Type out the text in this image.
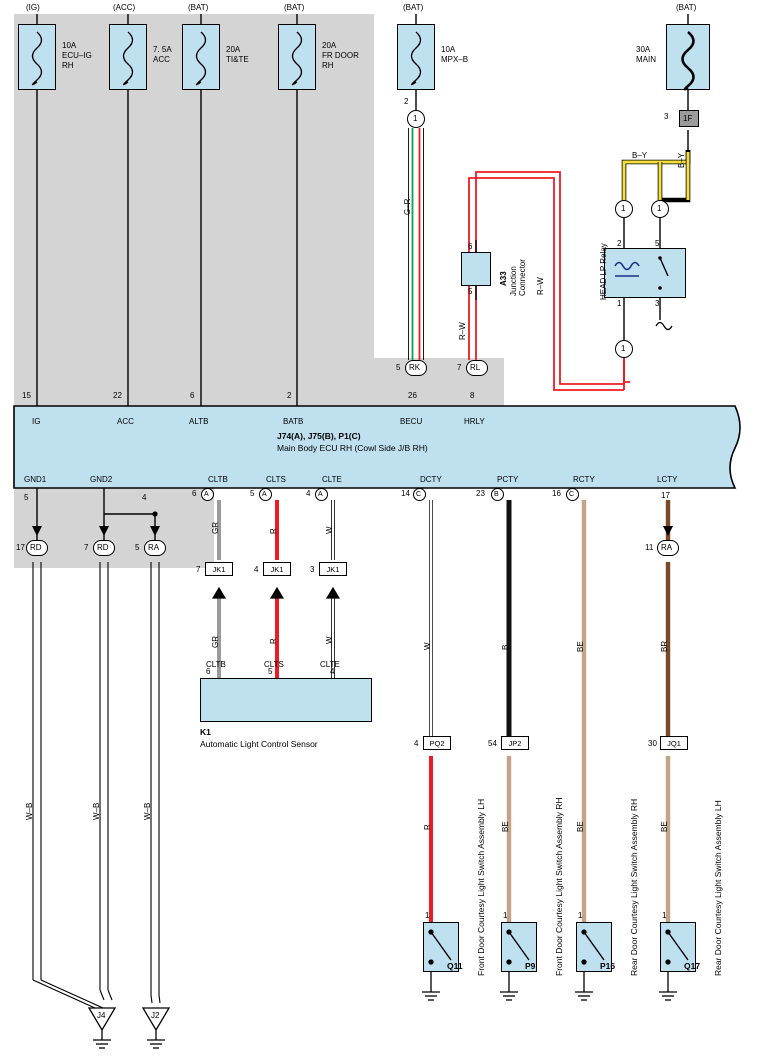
(IG)
10A
ECU–IG
RH
(ACC)
7. 5A
ACC
(BAT)
20A
TI&TE
(BAT)
20A
FR DOOR
RH
(BAT)
10A
MPX–B
(BAT)
30A
MAIN
2
1	3 1F
1	1
1
B–Y	B–Y
G–R
R–W
R–W
6
5
A33 Junction Connector
2	5
1	3
HEAD LP Relay
RK
5	RL
7
15
IG
22
ACC
6
ALTB
2
BATB
26
BECU
8
HRLY
J74(A), J75(B), P1(C)
Main Body ECU RH (Cowl Side J/B RH)
GND1
5
GND2
4
CLTB
6 A
CLTS
5 A
CLTE
4 A
DCTY
14 C
PCTY
23 B
RCTY
16 C
LCTY
17
RD
17	RD
7	RA
5	RA
11
W–B	W–B	W–B
J4	J2
JK1
7	JK1
4	JK1
3
GR
GR
R
R
W
W
W	B	BE	BR
R	BE	BE	BE
6
CLTB
5
CLTS
4
CLTE
K1
Automatic Light Control Sensor	PQ2
4	JP2
54	JQ1
30
1	1	1	1
Q11	P9	P16	Q17
Front Door Courtesy Light Switch Assembly LH	Front Door Courtesy Light Switch Assembly RH	Rear Door Courtesy Light Switch Assembly RH	Rear Door Courtesy Light Switch Assembly LH
